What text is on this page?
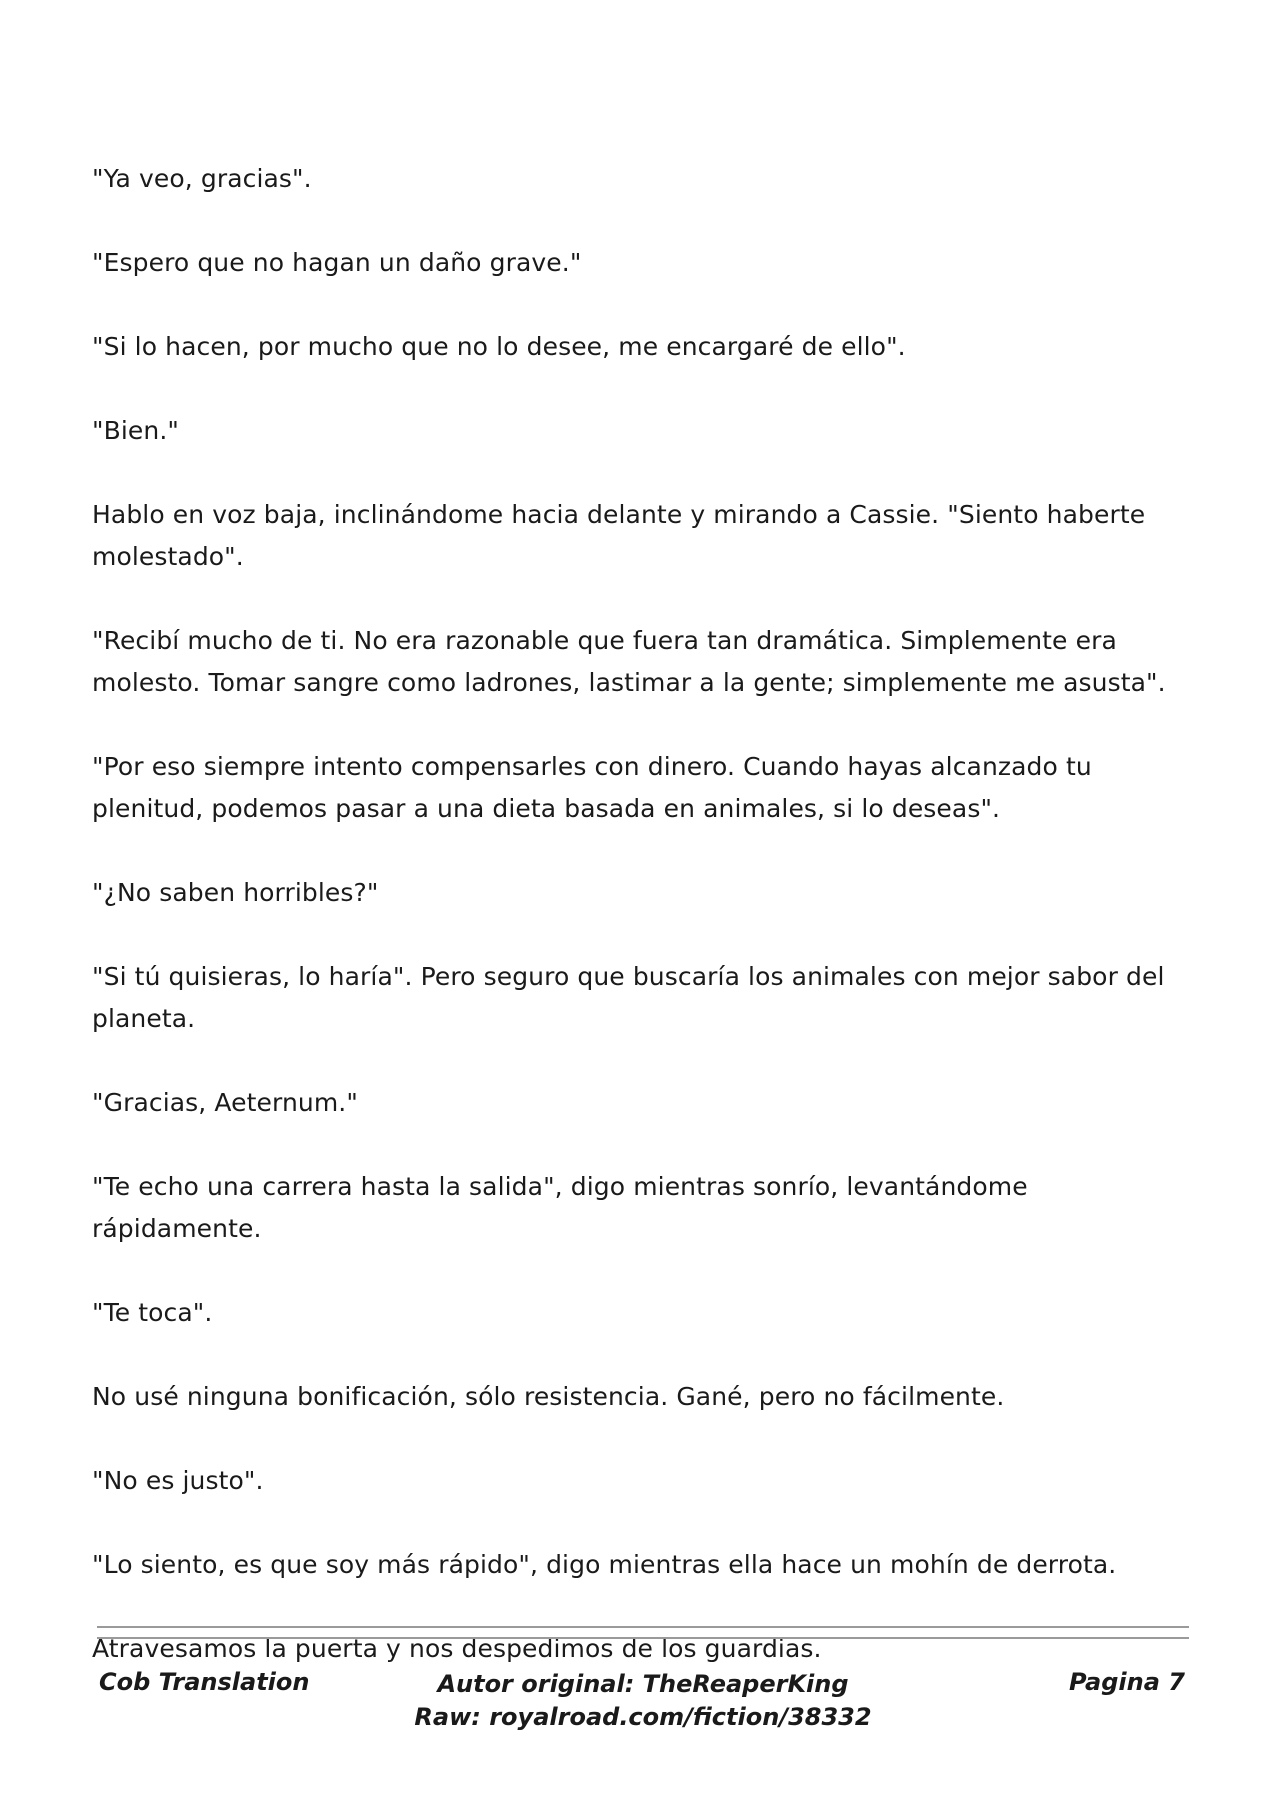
"Ya veo, gracias".

"Espero que no hagan un daño grave."

"Si lo hacen, por mucho que no lo desee, me encargaré de ello".

"Bien."

Hablo en voz baja, inclinándome hacia delante y mirando a Cassie. "Siento haberte molestado".

"Recibí mucho de ti. No era razonable que fuera tan dramática. Simplemente era molesto. Tomar sangre como ladrones, lastimar a la gente; simplemente me asusta".

"Por eso siempre intento compensarles con dinero. Cuando hayas alcanzado tu plenitud, podemos pasar a una dieta basada en animales, si lo deseas".

"¿No saben horribles?"

"Si tú quisieras, lo haría". Pero seguro que buscaría los animales con mejor sabor del planeta.

"Gracias, Aeternum."

"Te echo una carrera hasta la salida", digo mientras sonrío, levantándome rápidamente.

"Te toca".

No usé ninguna bonificación, sólo resistencia. Gané, pero no fácilmente.

"No es justo".

"Lo siento, es que soy más rápido", digo mientras ella hace un mohín de derrota.

Atravesamos la puerta y nos despedimos de los guardias.

Cob Translation	Autor original: TheReaperKing
Raw: royalroad.com/fiction/38332
Pagina 7
